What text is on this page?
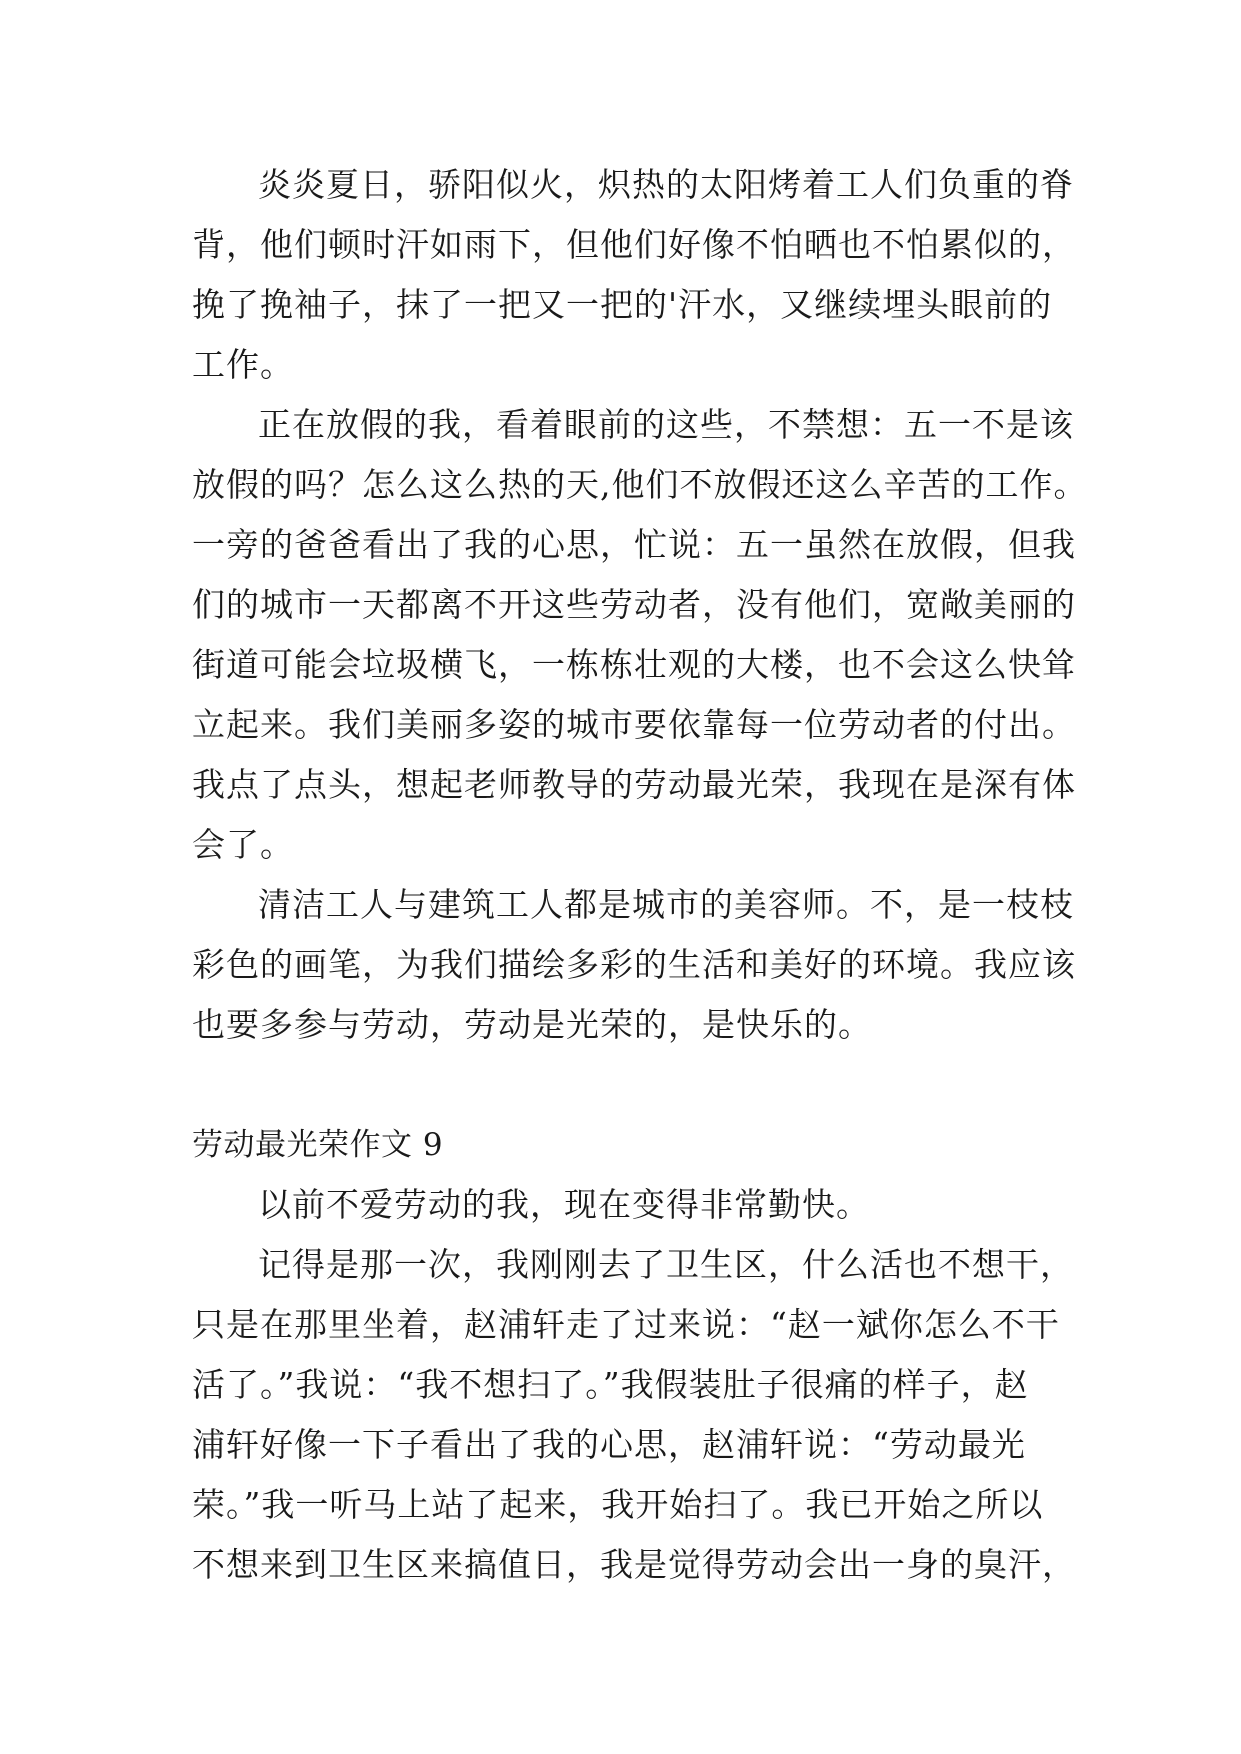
炎炎夏日，骄阳似火，炽热的太阳烤着工人们负重的脊
背，他们顿时汗如雨下，但他们好像不怕晒也不怕累似的，
挽了挽袖子，抹了一把又一把的'汗水，又继续埋头眼前的
工作。
正在放假的我，看着眼前的这些，不禁想：五一不是该
放假的吗？怎么这么热的天,他们不放假还这么辛苦的工作。
一旁的爸爸看出了我的心思，忙说：五一虽然在放假，但我
们的城市一天都离不开这些劳动者，没有他们，宽敞美丽的
街道可能会垃圾横飞，一栋栋壮观的大楼，也不会这么快耸
立起来。我们美丽多姿的城市要依靠每一位劳动者的付出。
我点了点头，想起老师教导的劳动最光荣，我现在是深有体
会了。
清洁工人与建筑工人都是城市的美容师。不，是一枝枝
彩色的画笔，为我们描绘多彩的生活和美好的环境。我应该
也要多参与劳动，劳动是光荣的，是快乐的。
劳动最光荣作文 9
以前不爱劳动的我，现在变得非常勤快。
记得是那一次，我刚刚去了卫生区，什么活也不想干，
只是在那里坐着，赵浦轩走了过来说：“赵一斌你怎么不干
活了。”我说：“我不想扫了。”我假装肚子很痛的样子，赵
浦轩好像一下子看出了我的心思，赵浦轩说：“劳动最光
荣。”我一听马上站了起来，我开始扫了。我已开始之所以
不想来到卫生区来搞值日，我是觉得劳动会出一身的臭汗，
